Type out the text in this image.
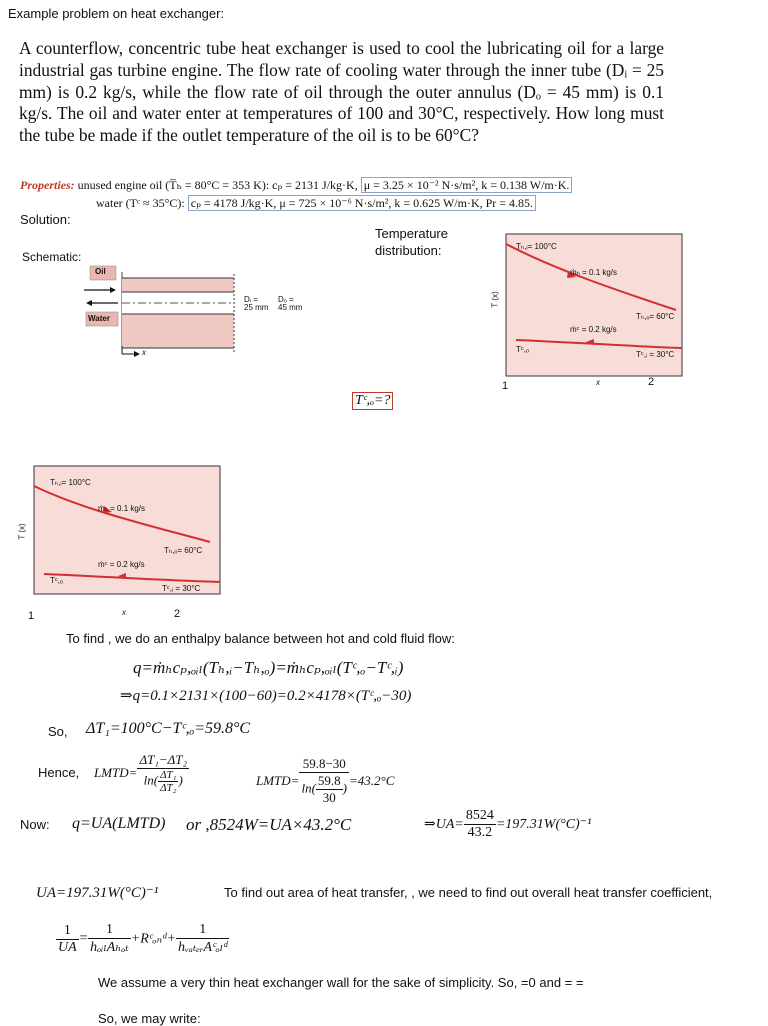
Example problem on heat exchanger:
A counterflow, concentric tube heat exchanger is used to cool the lubricating oil for a large industrial gas turbine engine. The flow rate of cooling water through the inner tube (Dᵢ = 25 mm) is 0.2 kg/s, while the flow rate of oil through the outer annulus (Dₒ = 45 mm) is 0.1 kg/s. The oil and water enter at temperatures of 100 and 30°C, respectively. How long must the tube be made if the outlet temperature of the oil is to be 60°C?
Properties: unused engine oil (T̅ₕ = 80°C = 353 K): cₚ = 2131 J/kg·K, μ = 3.25 × 10⁻² N·s/m², k = 0.138 W/m·K.
water (Tᶜ ≈ 35°C): cₚ = 4178 J/kg·K, μ = 725 × 10⁻⁶ N·s/m², k = 0.625 W/m·K, Pr = 4.85.
Solution:
Schematic:
Temperature
distribution:
Oil
Water
x
Dᵢ =
25 mm
Dₒ =
45 mm	T (x)
Tₕ,ᵢ= 100°C
ṁₕ = 0.1 kg/s
Tₕ,ₒ= 60°C
ṁᶜ = 0.2 kg/s
Tᶜ,ₒ
Tᶜ,ᵢ = 30°C
x
1	2
Tᶜ,ₒ=?
T (x)
Tₕ,ᵢ= 100°C
ṁₕ = 0.1 kg/s
Tₕ,ₒ= 60°C
ṁᶜ = 0.2 kg/s
Tᶜ,ₒ
Tᶜ,ᵢ = 30°C
x
1	2
To find , we do an enthalpy balance between hot and cold fluid flow:
q=ṁₕcₚ,ₒᵢₗ(Tₕ,ᵢ−Tₕ,ₒ)=ṁₕcₚ,ₒᵢₗ(Tᶜ,ₒ−Tᶜ,ᵢ)
⇒q=0.1×2131×(100−60)=0.2×4178×(Tᶜ,ₒ−30)
So, ΔT₁=100°C−Tᶜ,ₒ=59.8°C
Hence, LMTD= $\frac{\text{ΔT₁−ΔT₂}}{\ln( \frac{\text{ΔT₁}}{\text{ΔT₂}} )}$	LMTD= $\frac{59.8-30}{\ln( \frac{59.8}{30} )} =43.2^\circ C$
Now: q=UA(LMTD) or ,8524W=UA×43.2°C	⇒UA= $\frac{8524}{43.2} =197.31W(^\circ C)^{-1}$
UA=197.31W(°C)⁻¹	To find out area of heat transfer, , we need to find out overall heat transfer coefficient,
$\frac{1}{UA} = \frac{1}{\text{hₒᵢₗAₕₒₜ}}$ +Rᶜₒₙᵈ+ $\frac{1}{\text{hᵥₐₜₑᵣAᶜₒₗᵈ}}$
We assume a very thin heat exchanger wall for the sake of simplicity. So, =0 and = =
So, we may write:
